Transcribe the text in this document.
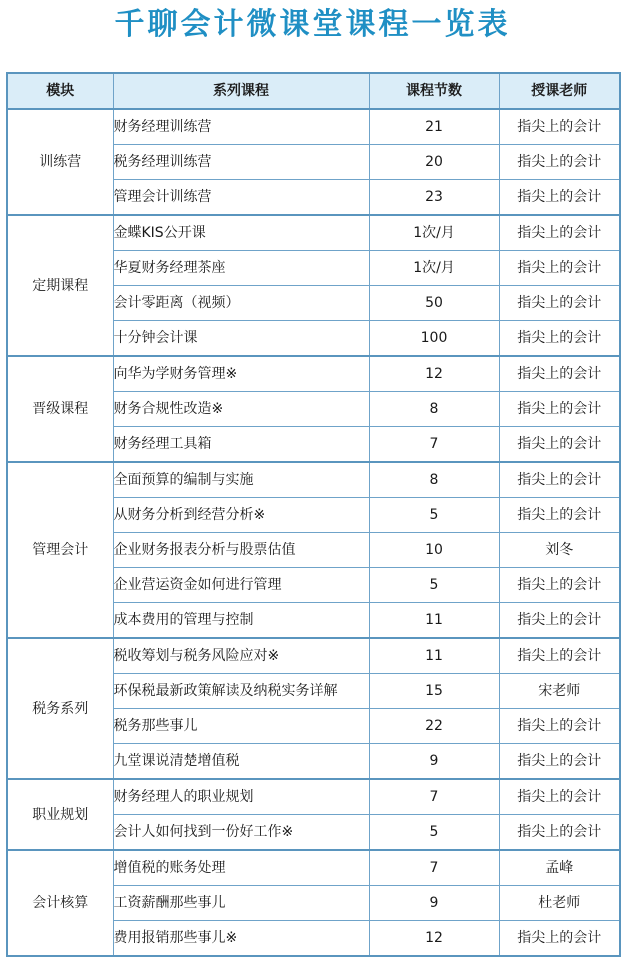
千聊会计微课堂课程一览表
模块	系列课程	课程节数	授课老师
训练营	财务经理训练营	21	指尖上的会计
	税务经理训练营	20	指尖上的会计
	管理会计训练营	23	指尖上的会计
定期课程	金蝶KIS公开课	1次/月	指尖上的会计
	华夏财务经理茶座	1次/月	指尖上的会计
	会计零距离（视频）	50	指尖上的会计
	十分钟会计课	100	指尖上的会计
晋级课程	向华为学财务管理※	12	指尖上的会计
	财务合规性改造※	8	指尖上的会计
	财务经理工具箱	7	指尖上的会计
管理会计	全面预算的编制与实施	8	指尖上的会计
	从财务分析到经营分析※	5	指尖上的会计
	企业财务报表分析与股票估值	10	刘冬
	企业营运资金如何进行管理	5	指尖上的会计
	成本费用的管理与控制	11	指尖上的会计
税务系列	税收筹划与税务风险应对※	11	指尖上的会计
	环保税最新政策解读及纳税实务详解	15	宋老师
	税务那些事儿	22	指尖上的会计
	九堂课说清楚增值税	9	指尖上的会计
职业规划	财务经理人的职业规划	7	指尖上的会计
	会计人如何找到一份好工作※	5	指尖上的会计
会计核算	增值税的账务处理	7	孟峰
	工资薪酬那些事儿	9	杜老师
	费用报销那些事儿※	12	指尖上的会计
